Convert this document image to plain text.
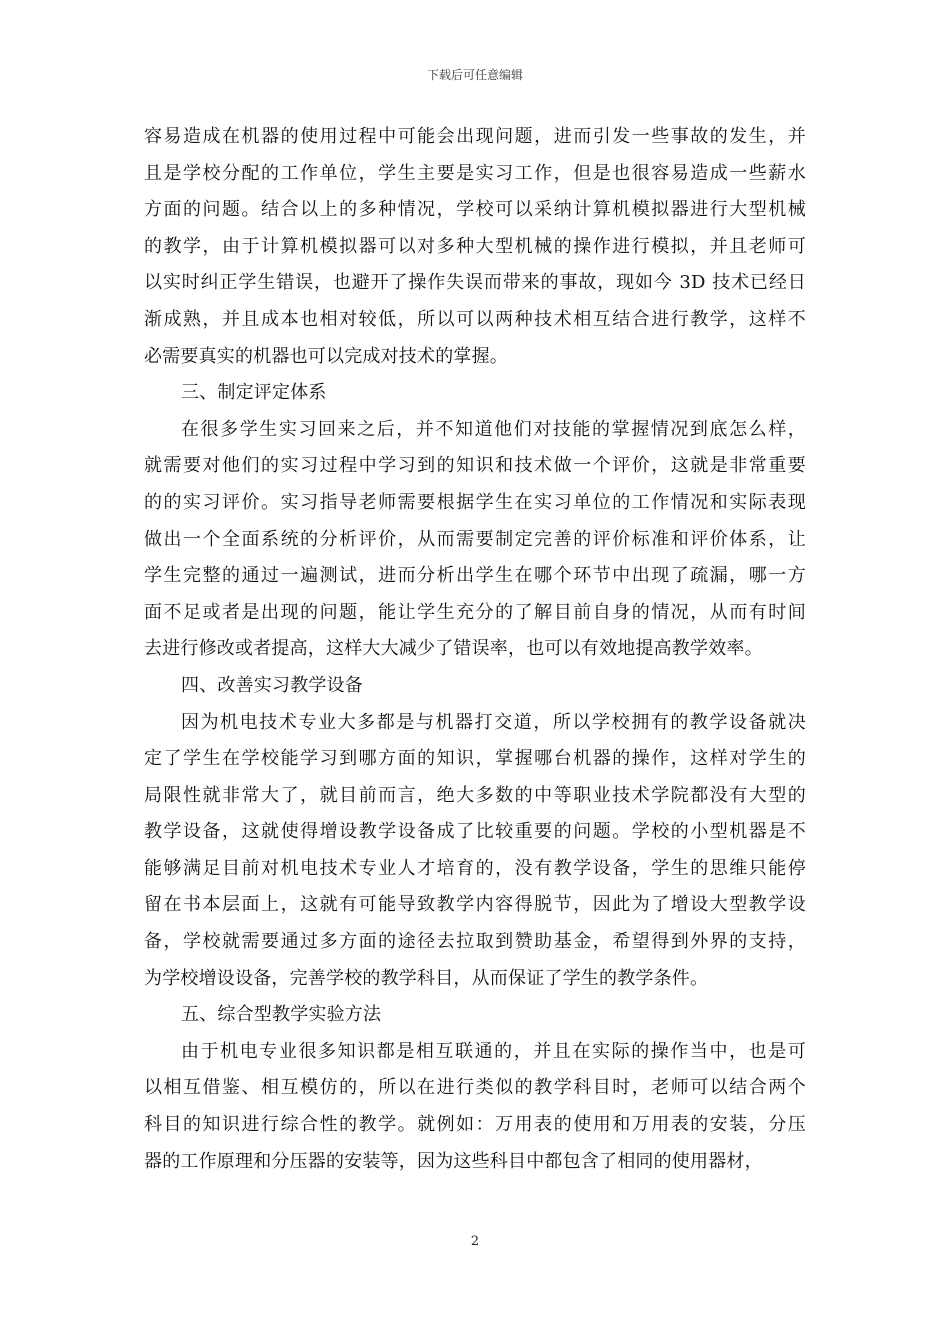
下载后可任意编辑
容易造成在机器的使用过程中可能会出现问题，进而引发一些事故的发生，并
且是学校分配的工作单位，学生主要是实习工作，但是也很容易造成一些薪水
方面的问题。结合以上的多种情况，学校可以采纳计算机模拟器进行大型机械
的教学，由于计算机模拟器可以对多种大型机械的操作进行模拟，并且老师可
以实时纠正学生错误，也避开了操作失误而带来的事故，现如今 3D 技术已经日
渐成熟，并且成本也相对较低，所以可以两种技术相互结合进行教学，这样不
必需要真实的机器也可以完成对技术的掌握。
三、制定评定体系
在很多学生实习回来之后，并不知道他们对技能的掌握情况到底怎么样，
就需要对他们的实习过程中学习到的知识和技术做一个评价，这就是非常重要
的的实习评价。实习指导老师需要根据学生在实习单位的工作情况和实际表现
做出一个全面系统的分析评价，从而需要制定完善的评价标准和评价体系，让
学生完整的通过一遍测试，进而分析出学生在哪个环节中出现了疏漏，哪一方
面不足或者是出现的问题，能让学生充分的了解目前自身的情况，从而有时间
去进行修改或者提高，这样大大减少了错误率，也可以有效地提高教学效率。
四、改善实习教学设备
因为机电技术专业大多都是与机器打交道，所以学校拥有的教学设备就决
定了学生在学校能学习到哪方面的知识，掌握哪台机器的操作，这样对学生的
局限性就非常大了，就目前而言，绝大多数的中等职业技术学院都没有大型的
教学设备，这就使得增设教学设备成了比较重要的问题。学校的小型机器是不
能够满足目前对机电技术专业人才培育的，没有教学设备，学生的思维只能停
留在书本层面上，这就有可能导致教学内容得脱节，因此为了增设大型教学设
备，学校就需要通过多方面的途径去拉取到赞助基金，希望得到外界的支持，
为学校增设设备，完善学校的教学科目，从而保证了学生的教学条件。
五、综合型教学实验方法
由于机电专业很多知识都是相互联通的，并且在实际的操作当中，也是可
以相互借鉴、相互模仿的，所以在进行类似的教学科目时，老师可以结合两个
科目的知识进行综合性的教学。就例如：万用表的使用和万用表的安装，分压
器的工作原理和分压器的安装等，因为这些科目中都包含了相同的使用器材，
2
